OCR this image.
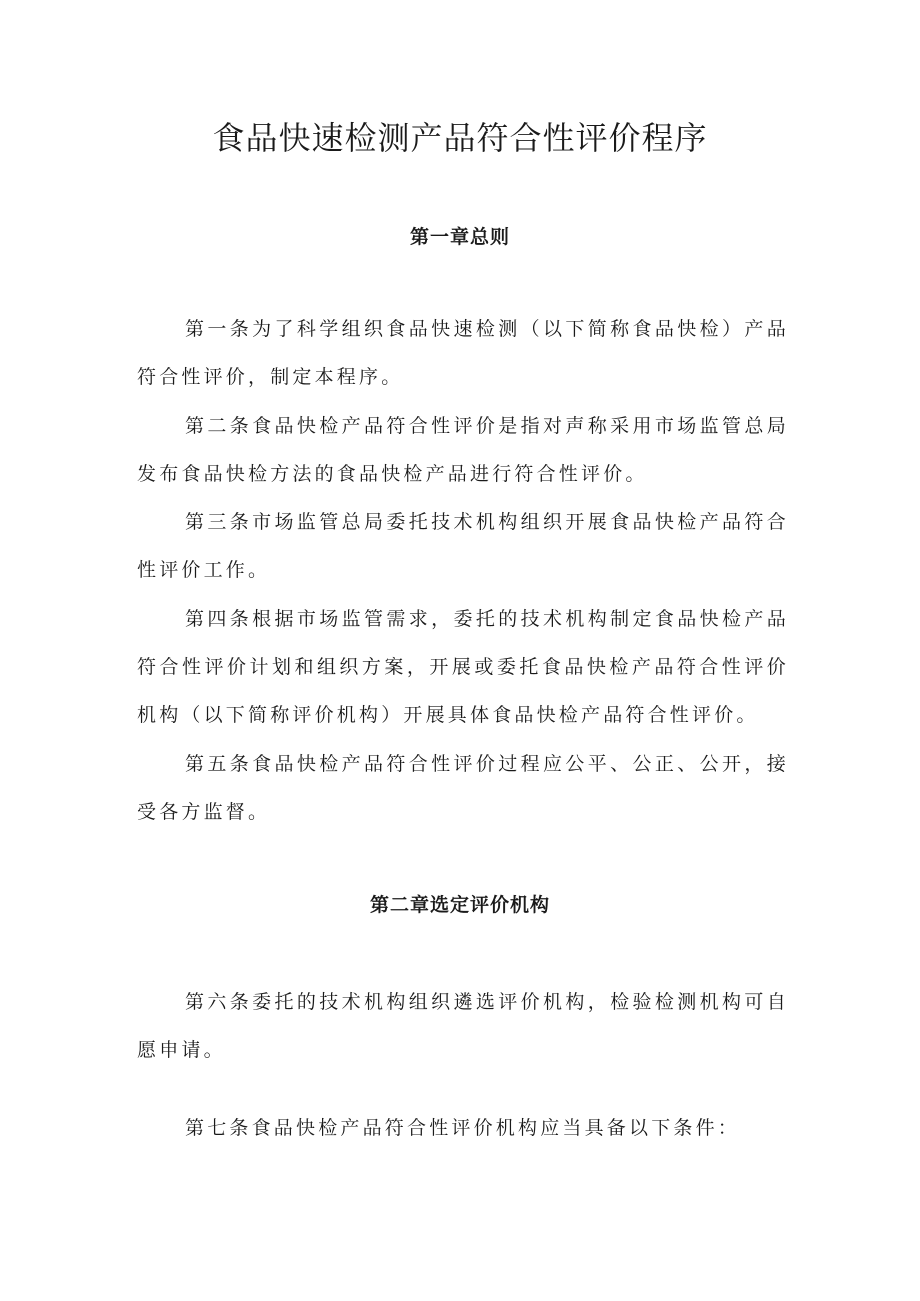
食品快速检测产品符合性评价程序
第一章总则

第一条为了科学组织食品快速检测（以下简称食品快检）产品符合性评价，制定本程序。

第二条食品快检产品符合性评价是指对声称采用市场监管总局发布食品快检方法的食品快检产品进行符合性评价。

第三条市场监管总局委托技术机构组织开展食品快检产品符合性评价工作。

第四条根据市场监管需求，委托的技术机构制定食品快检产品符合性评价计划和组织方案，开展或委托食品快检产品符合性评价机构（以下简称评价机构）开展具体食品快检产品符合性评价。

第五条食品快检产品符合性评价过程应公平、公正、公开，接受各方监督。

第二章选定评价机构

第六条委托的技术机构组织遴选评价机构，检验检测机构可自愿申请。

第七条食品快检产品符合性评价机构应当具备以下条件：
